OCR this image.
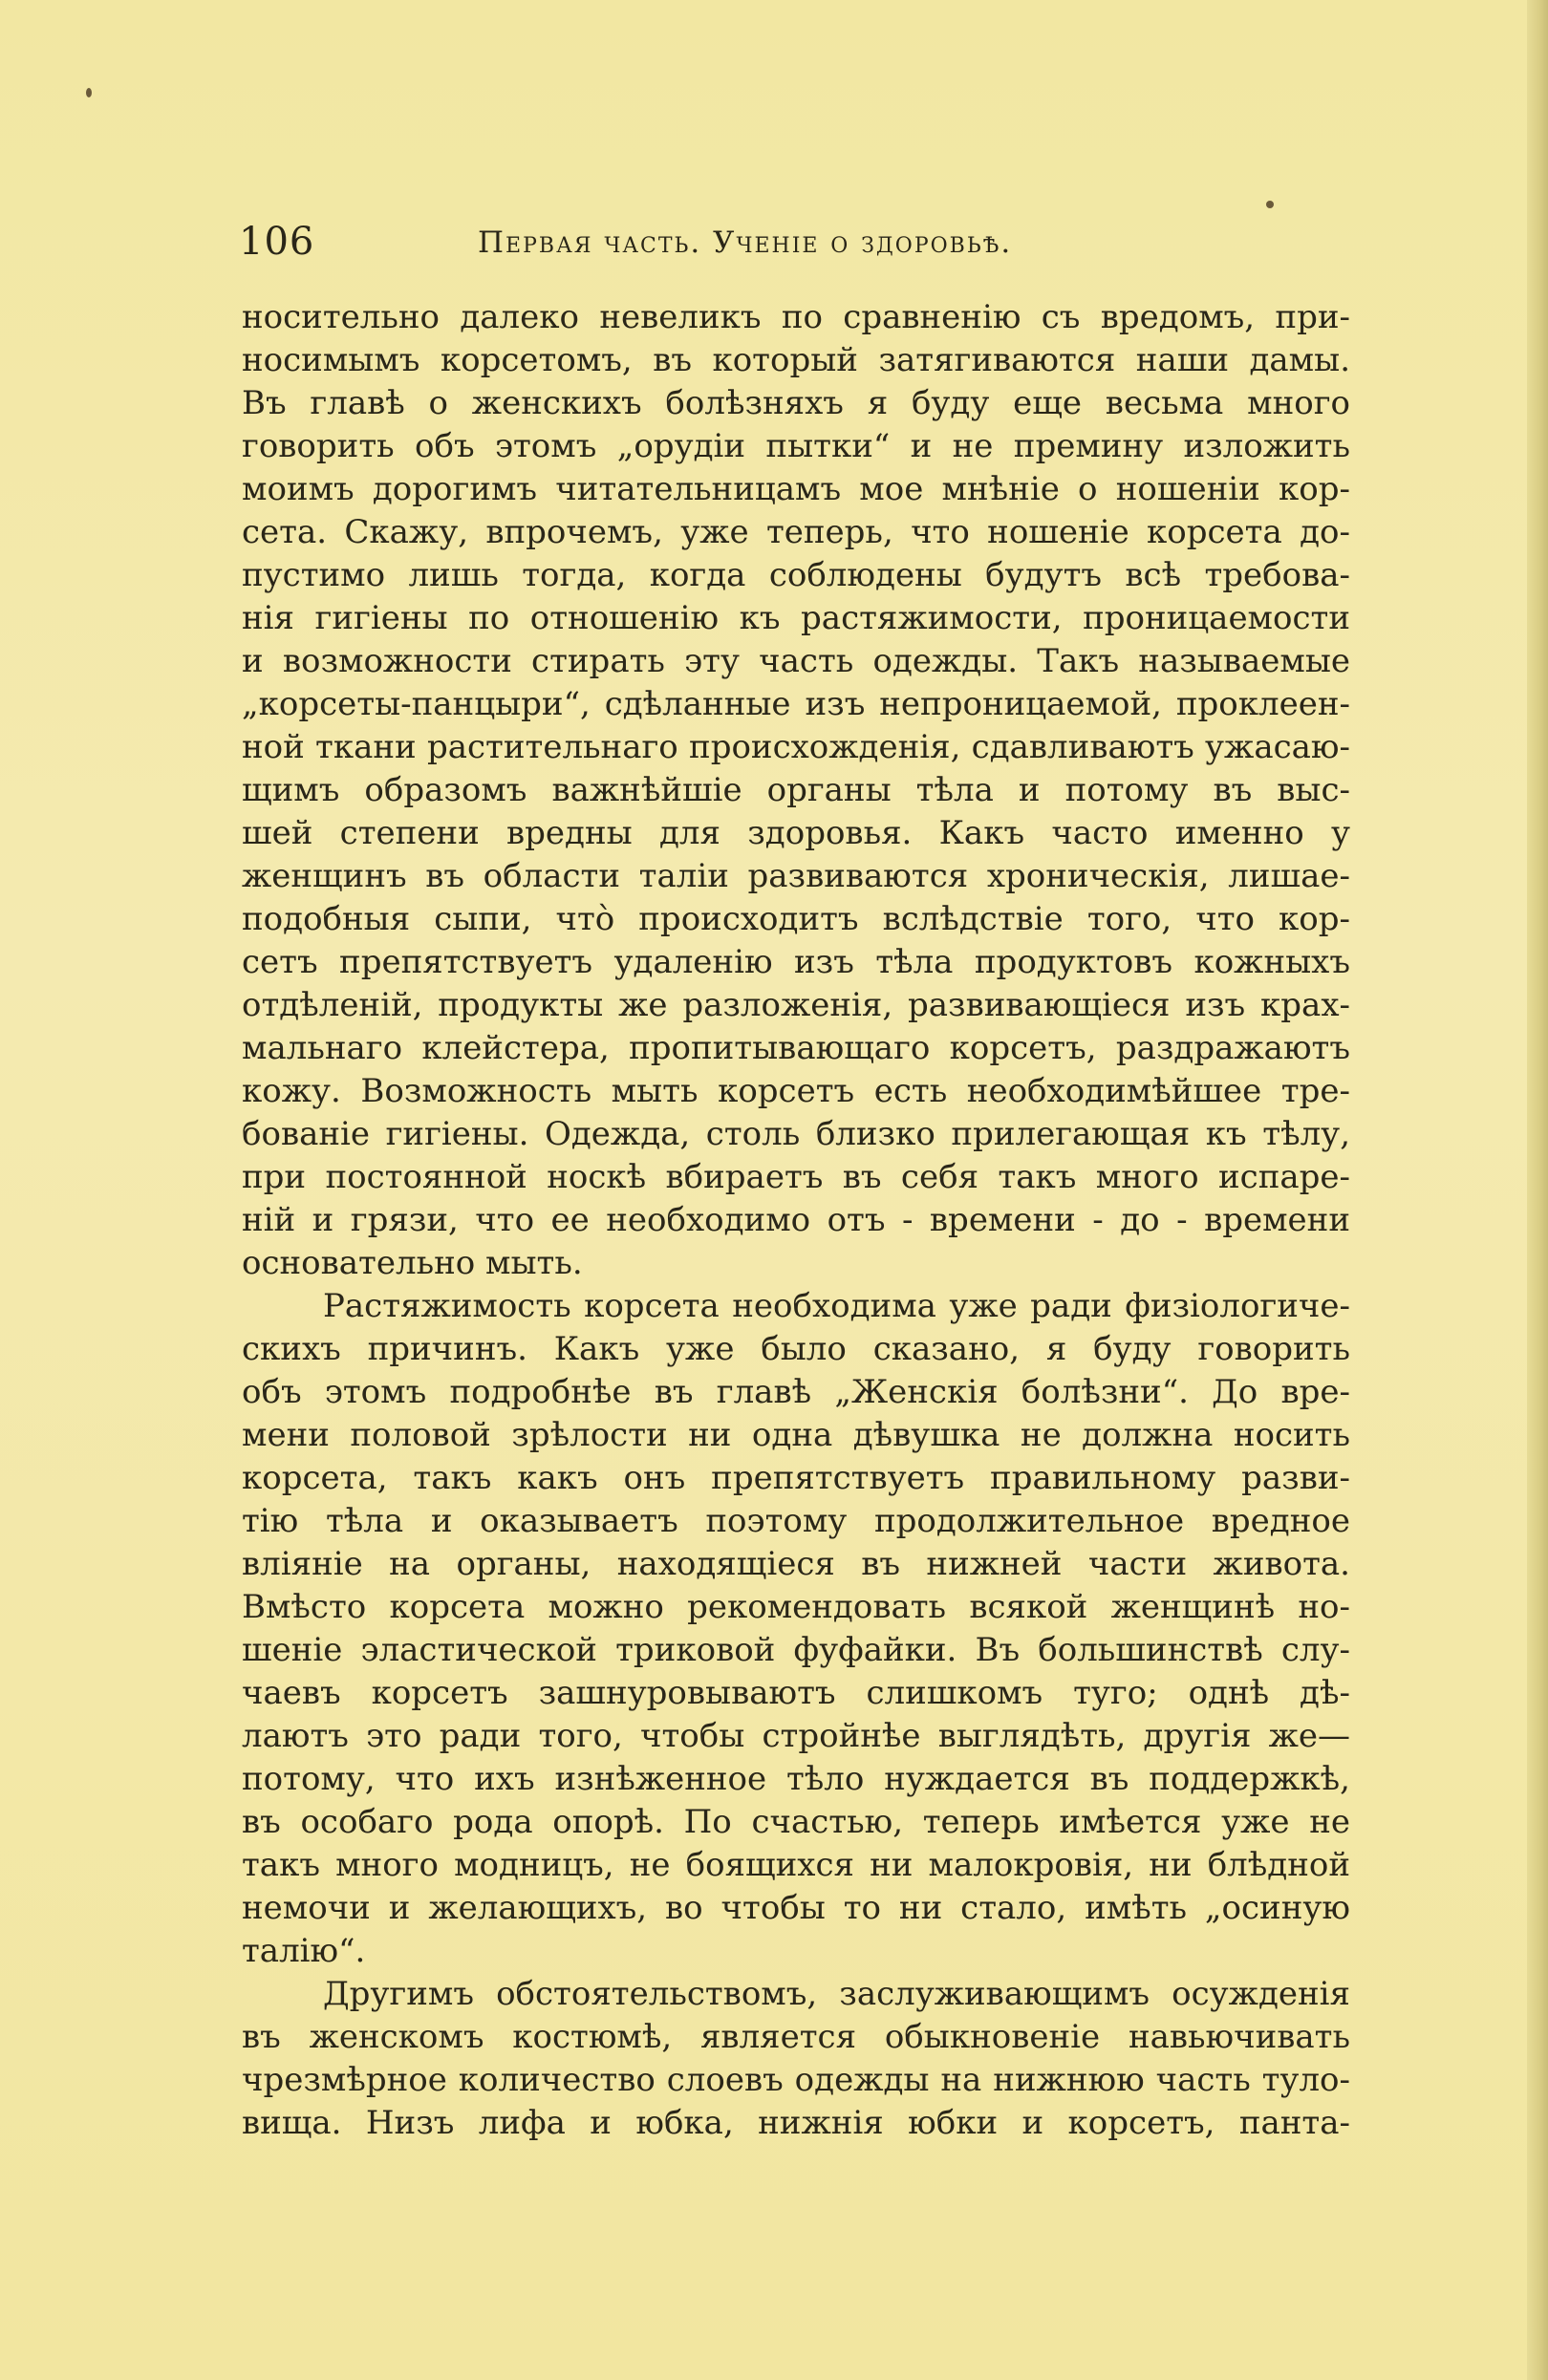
106	Первая часть. Ученіе о здоровьѣ.
носительно далеко невеликъ по сравненію съ вредомъ, при-
носимымъ корсетомъ, въ который затягиваются наши дамы.
Въ главѣ о женскихъ болѣзняхъ я буду еще весьма много
говорить объ этомъ „орудіи пытки“ и не премину изложить
моимъ дорогимъ читательницамъ мое мнѣніе о ношеніи кор-
сета. Скажу, впрочемъ, уже теперь, что ношеніе корсета до-
пустимо лишь тогда, когда соблюдены будутъ всѣ требова-
нія гигіены по отношенію къ растяжимости, проницаемости
и возможности стирать эту часть одежды. Такъ называемые
„корсеты-панцыри“, сдѣланные изъ непроницаемой, проклеен-
ной ткани растительнаго происхожденія, сдавливаютъ ужасаю-
щимъ образомъ важнѣйшіе органы тѣла и потому въ выс-
шей степени вредны для здоровья. Какъ часто именно у
женщинъ въ области таліи развиваются хроническія, лишае-
подобныя сыпи, что̀ происходитъ вслѣдствіе того, что кор-
сетъ препятствуетъ удаленію изъ тѣла продуктовъ кожныхъ
отдѣленій, продукты же разложенія, развивающіеся изъ крах-
мальнаго клейстера, пропитывающаго корсетъ, раздражаютъ
кожу. Возможность мыть корсетъ есть необходимѣйшее тре-
бованіе гигіены. Одежда, столь близко прилегающая къ тѣлу,
при постоянной носкѣ вбираетъ въ себя такъ много испаре-
ній и грязи, что ее необходимо отъ - времени - до - времени
основательно мыть.
Растяжимость корсета необходима уже ради физіологиче-
скихъ причинъ. Какъ уже было сказано, я буду говорить
объ этомъ подробнѣе въ главѣ „Женскія болѣзни“. До вре-
мени половой зрѣлости ни одна дѣвушка не должна носить
корсета, такъ какъ онъ препятствуетъ правильному разви-
тію тѣла и оказываетъ поэтому продолжительное вредное
вліяніе на органы, находящіеся въ нижней части живота.
Вмѣсто корсета можно рекомендовать всякой женщинѣ но-
шеніе эластической триковой фуфайки. Въ большинствѣ слу-
чаевъ корсетъ зашнуровываютъ слишкомъ туго; однѣ дѣ-
лаютъ это ради того, чтобы стройнѣе выглядѣть, другія же—
потому, что ихъ изнѣженное тѣло нуждается въ поддержкѣ,
въ особаго рода опорѣ. По счастью, теперь имѣется уже не
такъ много модницъ, не боящихся ни малокровія, ни блѣдной
немочи и желающихъ, во чтобы то ни стало, имѣть „осиную
талію“.
Другимъ обстоятельствомъ, заслуживающимъ осужденія
въ женскомъ костюмѣ, является обыкновеніе навьючивать
чрезмѣрное количество слоевъ одежды на нижнюю часть туло-
вища. Низъ лифа и юбка, нижнія юбки и корсетъ, панта-
